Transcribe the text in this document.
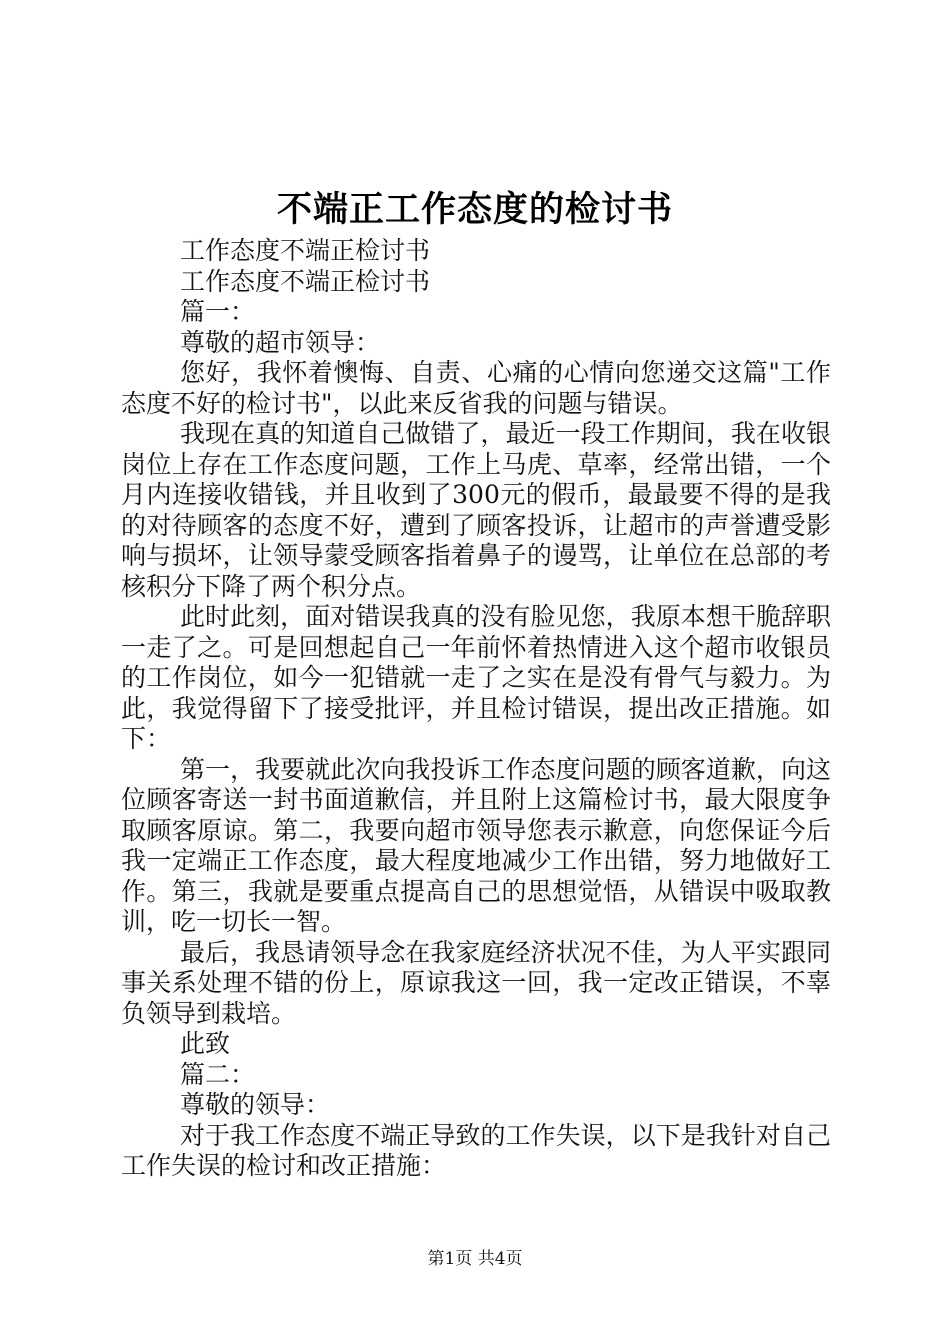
不端正工作态度的检讨书

工作态度不端正检讨书

工作态度不端正检讨书

篇一：

尊敬的超市领导：

您好，我怀着懊悔、自责、心痛的心情向您递交这篇"工作态度不好的检讨书"，以此来反省我的问题与错误。

我现在真的知道自己做错了，最近一段工作期间，我在收银岗位上存在工作态度问题，工作上马虎、草率，经常出错，一个月内连接收错钱，并且收到了300元的假币，最最要不得的是我的对待顾客的态度不好，遭到了顾客投诉，让超市的声誉遭受影响与损坏，让领导蒙受顾客指着鼻子的谩骂，让单位在总部的考核积分下降了两个积分点。

此时此刻，面对错误我真的没有脸见您，我原本想干脆辞职一走了之。可是回想起自己一年前怀着热情进入这个超市收银员的工作岗位，如今一犯错就一走了之实在是没有骨气与毅力。为此，我觉得留下了接受批评，并且检讨错误，提出改正措施。如下：

第一，我要就此次向我投诉工作态度问题的顾客道歉，向这位顾客寄送一封书面道歉信，并且附上这篇检讨书，最大限度争取顾客原谅。第二，我要向超市领导您表示歉意，向您保证今后我一定端正工作态度，最大程度地减少工作出错，努力地做好工作。第三，我就是要重点提高自己的思想觉悟，从错误中吸取教训，吃一切长一智。

最后，我恳请领导念在我家庭经济状况不佳，为人平实跟同事关系处理不错的份上，原谅我这一回，我一定改正错误，不辜负领导到栽培。

此致

篇二：

尊敬的领导：

对于我工作态度不端正导致的工作失误，以下是我针对自己工作失误的检讨和改正措施：

第1页 共4页
